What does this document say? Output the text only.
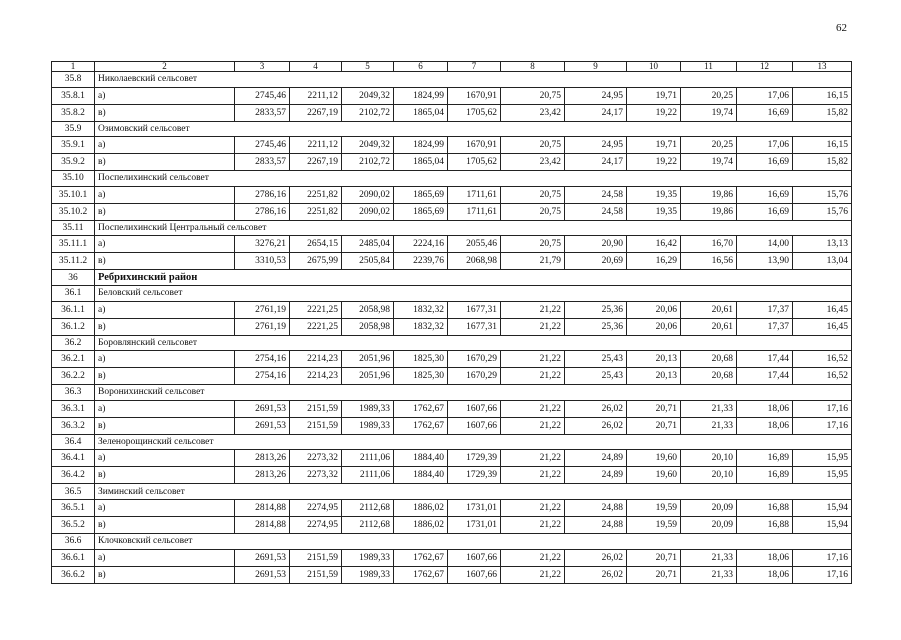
62
1	2	3	4	5	6	7	8	9	10	11	12	13
35.8	Николаевский сельсовет											
35.8.1	а)	2745,46	2211,12	2049,32	1824,99	1670,91	20,75	24,95	19,71	20,25	17,06	16,15
35.8.2	в)	2833,57	2267,19	2102,72	1865,04	1705,62	23,42	24,17	19,22	19,74	16,69	15,82
35.9	Озимовский сельсовет											
35.9.1	а)	2745,46	2211,12	2049,32	1824,99	1670,91	20,75	24,95	19,71	20,25	17,06	16,15
35.9.2	в)	2833,57	2267,19	2102,72	1865,04	1705,62	23,42	24,17	19,22	19,74	16,69	15,82
35.10	Поспелихинский сельсовет											
35.10.1	а)	2786,16	2251,82	2090,02	1865,69	1711,61	20,75	24,58	19,35	19,86	16,69	15,76
35.10.2	в)	2786,16	2251,82	2090,02	1865,69	1711,61	20,75	24,58	19,35	19,86	16,69	15,76
35.11	Поспелихинский Центральный сельсовет											
35.11.1	а)	3276,21	2654,15	2485,04	2224,16	2055,46	20,75	20,90	16,42	16,70	14,00	13,13
35.11.2	в)	3310,53	2675,99	2505,84	2239,76	2068,98	21,79	20,69	16,29	16,56	13,90	13,04
36	Ребрихинский район											
36.1	Беловский сельсовет											
36.1.1	а)	2761,19	2221,25	2058,98	1832,32	1677,31	21,22	25,36	20,06	20,61	17,37	16,45
36.1.2	в)	2761,19	2221,25	2058,98	1832,32	1677,31	21,22	25,36	20,06	20,61	17,37	16,45
36.2	Боровлянский сельсовет											
36.2.1	а)	2754,16	2214,23	2051,96	1825,30	1670,29	21,22	25,43	20,13	20,68	17,44	16,52
36.2.2	в)	2754,16	2214,23	2051,96	1825,30	1670,29	21,22	25,43	20,13	20,68	17,44	16,52
36.3	Воронихинский сельсовет											
36.3.1	а)	2691,53	2151,59	1989,33	1762,67	1607,66	21,22	26,02	20,71	21,33	18,06	17,16
36.3.2	в)	2691,53	2151,59	1989,33	1762,67	1607,66	21,22	26,02	20,71	21,33	18,06	17,16
36.4	Зеленорощинский сельсовет											
36.4.1	а)	2813,26	2273,32	2111,06	1884,40	1729,39	21,22	24,89	19,60	20,10	16,89	15,95
36.4.2	в)	2813,26	2273,32	2111,06	1884,40	1729,39	21,22	24,89	19,60	20,10	16,89	15,95
36.5	Зиминский сельсовет											
36.5.1	а)	2814,88	2274,95	2112,68	1886,02	1731,01	21,22	24,88	19,59	20,09	16,88	15,94
36.5.2	в)	2814,88	2274,95	2112,68	1886,02	1731,01	21,22	24,88	19,59	20,09	16,88	15,94
36.6	Клочковский сельсовет											
36.6.1	а)	2691,53	2151,59	1989,33	1762,67	1607,66	21,22	26,02	20,71	21,33	18,06	17,16
36.6.2	в)	2691,53	2151,59	1989,33	1762,67	1607,66	21,22	26,02	20,71	21,33	18,06	17,16
